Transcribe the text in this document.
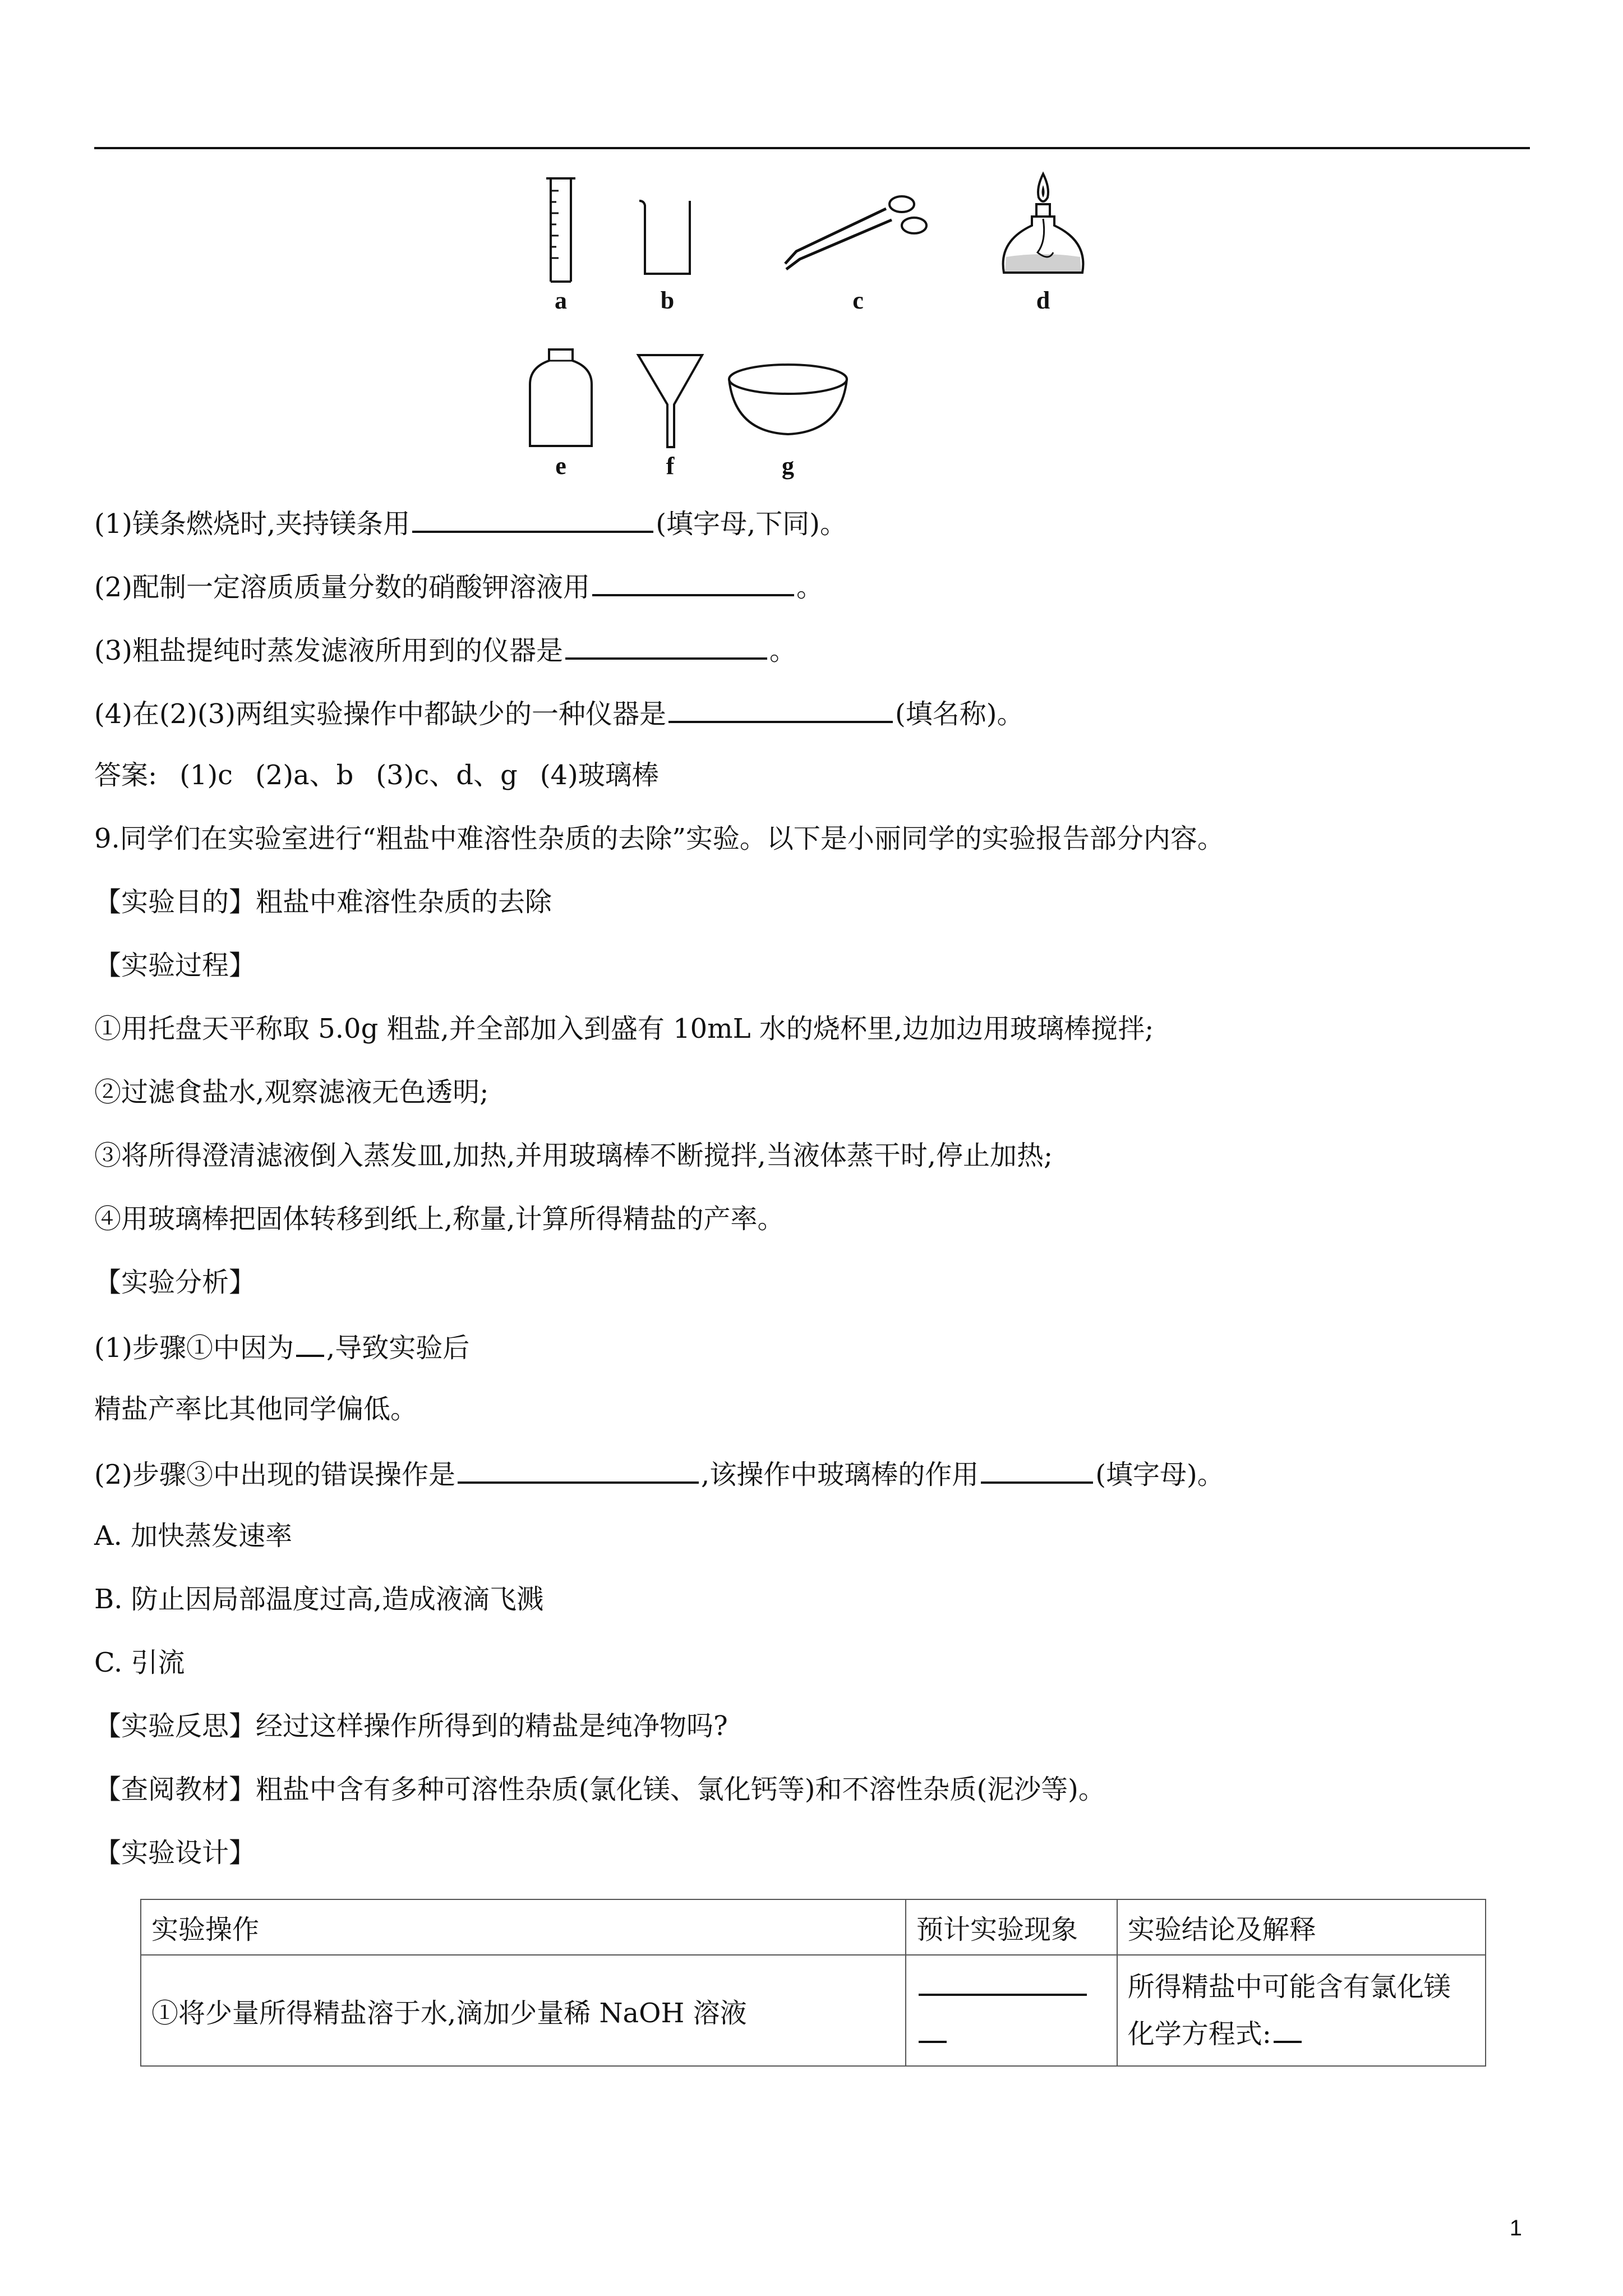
a	b	c	d
e	f	g
(1)镁条燃烧时,夹持镁条用	(填字母,下同)。
(2)配制一定溶质质量分数的硝酸钾溶液用	。
(3)粗盐提纯时蒸发滤液所用到的仪器是	。
(4)在(2)(3)两组实验操作中都缺少的一种仪器是	(填名称)。
答案: (1)c (2)a、b (3)c、d、g (4)玻璃棒
9.同学们在实验室进行“粗盐中难溶性杂质的去除”实验。以下是小丽同学的实验报告部分内容。
【实验目的】粗盐中难溶性杂质的去除
【实验过程】
①用托盘天平称取 5.0g 粗盐,并全部加入到盛有 10mL 水的烧杯里,边加边用玻璃棒搅拌;
②过滤食盐水,观察滤液无色透明;
③将所得澄清滤液倒入蒸发皿,加热,并用玻璃棒不断搅拌,当液体蒸干时,停止加热;
④用玻璃棒把固体转移到纸上,称量,计算所得精盐的产率。
【实验分析】
(1)步骤①中因为 ,导致实验后
精盐产率比其他同学偏低。
(2)步骤③中出现的错误操作是	,该操作中玻璃棒的作用	(填字母)。
A. 加快蒸发速率
B. 防止因局部温度过高,造成液滴飞溅
C. 引流
【实验反思】经过这样操作所得到的精盐是纯净物吗?
【查阅教材】粗盐中含有多种可溶性杂质(氯化镁、氯化钙等)和不溶性杂质(泥沙等)。
【实验设计】
实验操作	预计实验现象	实验结论及解释
①将少量所得精盐溶于水,滴加少量稀 NaOH 溶液		所得精盐中可能含有氯化镁
化学方程式:
1
